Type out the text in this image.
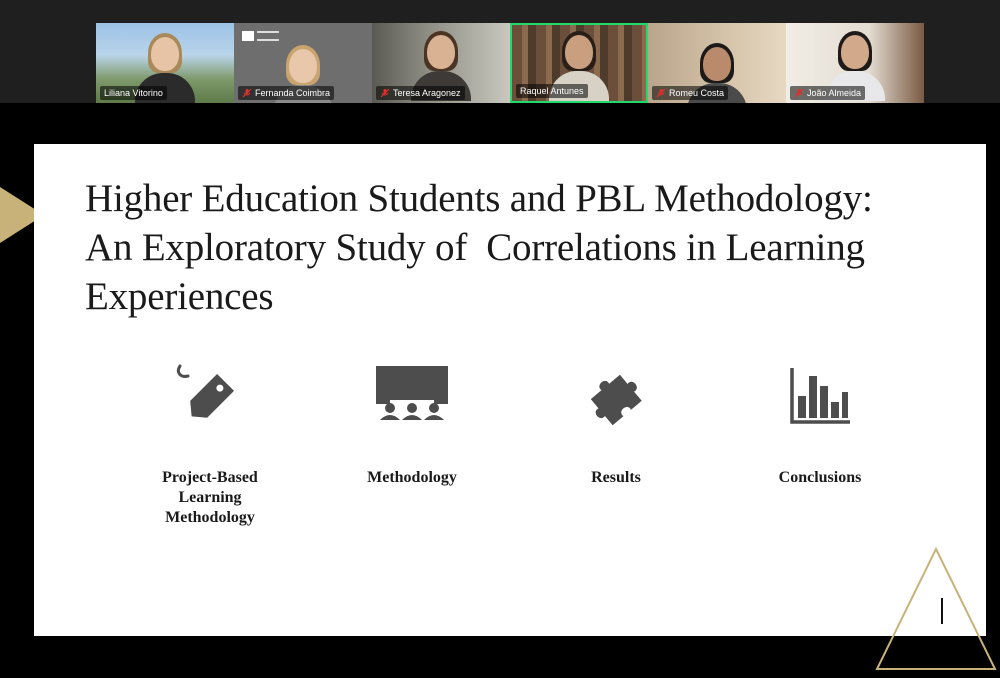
Liliana Vitorino	Fernanda Coimbra	Teresa Aragonez	Raquel Antunes	Romeu Costa	João Almeida
Higher Education Students and PBL Methodology:
An Exploratory Study of  Correlations in Learning
Experiences
Project-Based
Learning
Methodology
Methodology	Results	Conclusions
